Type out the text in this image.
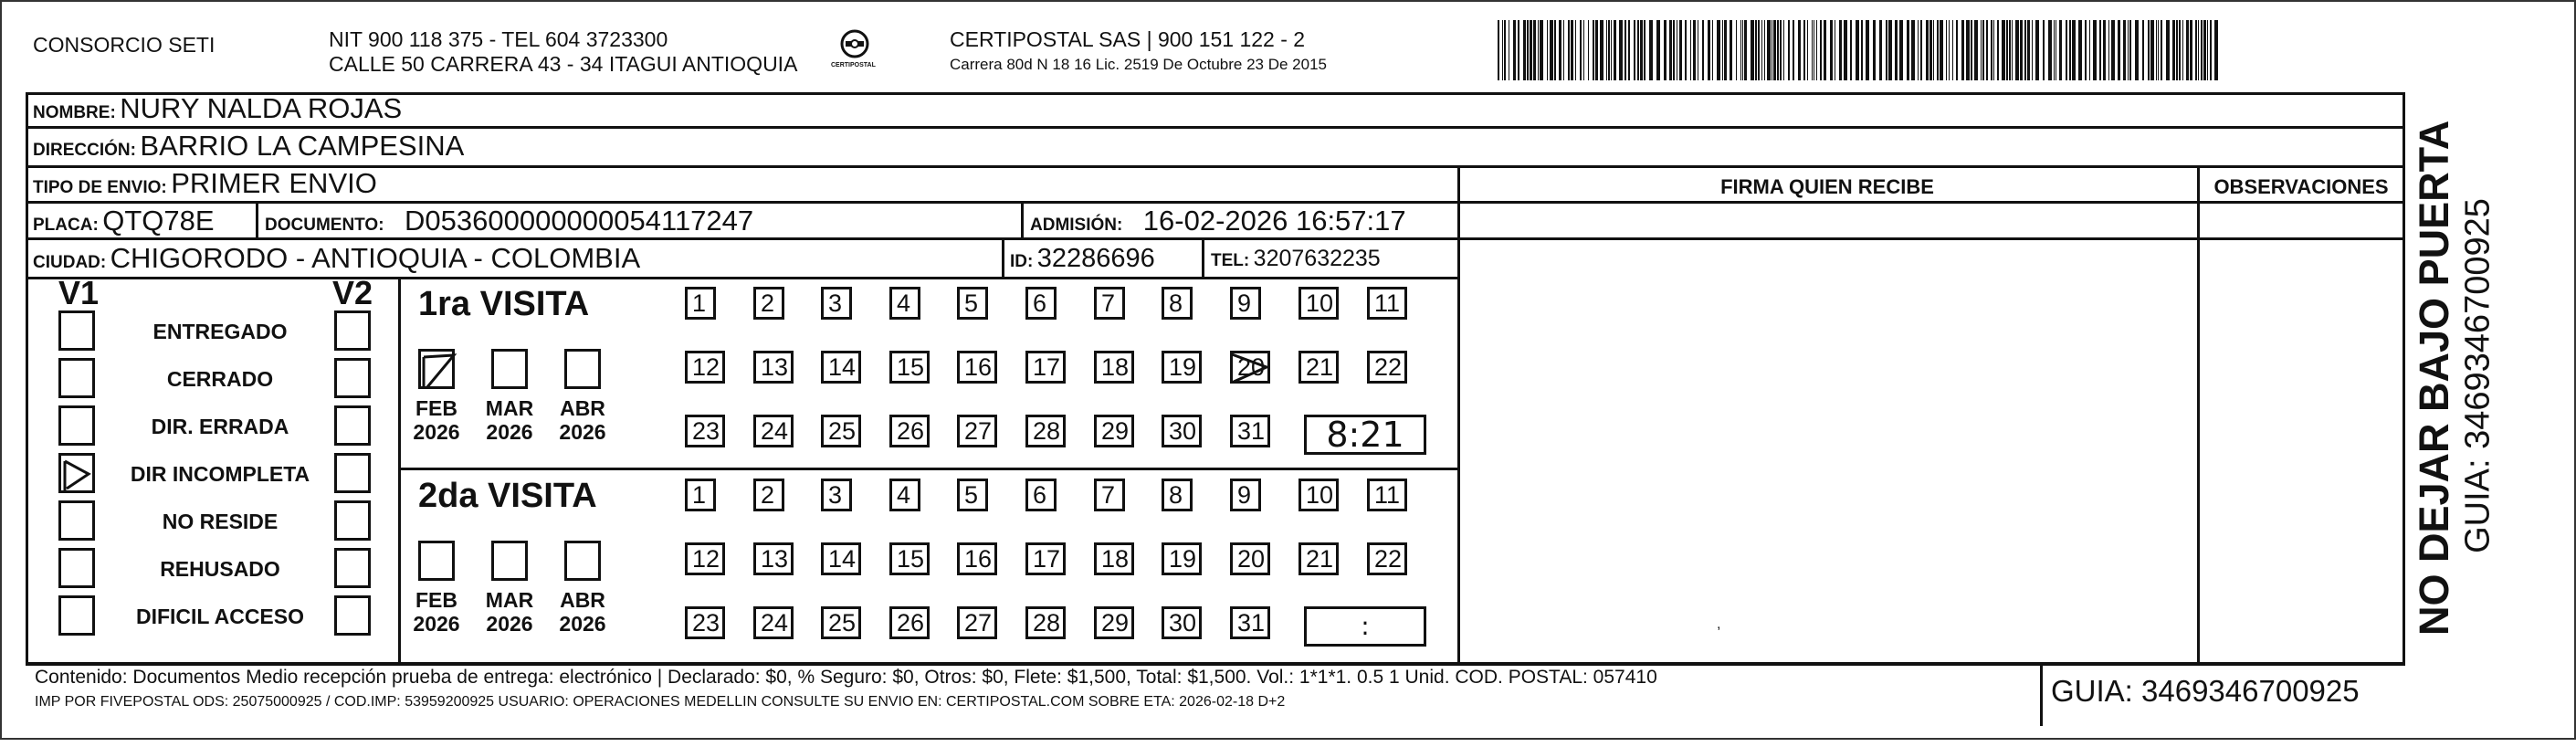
CONSORCIO SETI	NIT 900 118 375 - TEL 604 3723300
CALLE 50 CARRERA 43 - 34 ITAGUI ANTIOQUIA	CERTIPOSTAL
CERTIPOSTAL SAS | 900 151 122 - 2
Carrera 80d N 18 16 Lic. 2519 De Octubre 23 De 2015
NOMBRE: NURY NALDA ROJAS
DIRECCIÓN: BARRIO LA CAMPESINA
TIPO DE ENVIO: PRIMER ENVIO
PLACA: QTQ78E	DOCUMENTO: D053600000000054117247	ADMISIÓN: 16-02-2026 16:57:17
CIUDAD: CHIGORODO - ANTIOQUIA - COLOMBIA	ID: 32286696	TEL: 3207632235
FIRMA QUIEN RECIBE	OBSERVACIONES
,
V1	V2
ENTREGADO
CERRADO
DIR. ERRADA
DIR INCOMPLETA
NO RESIDE
REHUSADO
DIFICIL ACCESO
1ra VISITA
2da VISITA
FEB
2026
MAR
2026
ABR
2026
1	2	3	4	5	6	7	8	9	10 11
12 13 14 15 16 17 18 19 20 21 22
23 24 25 26 27 28 29 30 31	8:21
FEB
2026
MAR
2026
ABR
2026
1	2	3	4	5	6	7	8	9	10 11
12 13 14 15 16 17 18 19 20 21 22
23 24 25 26 27 28 29 30 31	:	NO DEJAR BAJO PUERTA GUIA: 3469346700925
Contenido: Documentos Medio recepción prueba de entrega: electrónico | Declarado: $0, % Seguro: $0, Otros: $0, Flete: $1,500, Total: $1,500. Vol.: 1*1*1. 0.5 1 Unid. COD. POSTAL: 057410
IMP POR FIVEPOSTAL ODS: 25075000925 / COD.IMP: 53959200925 USUARIO: OPERACIONES MEDELLIN CONSULTE SU ENVIO EN: CERTIPOSTAL.COM SOBRE ETA: 2026-02-18 D+2	GUIA: 3469346700925
